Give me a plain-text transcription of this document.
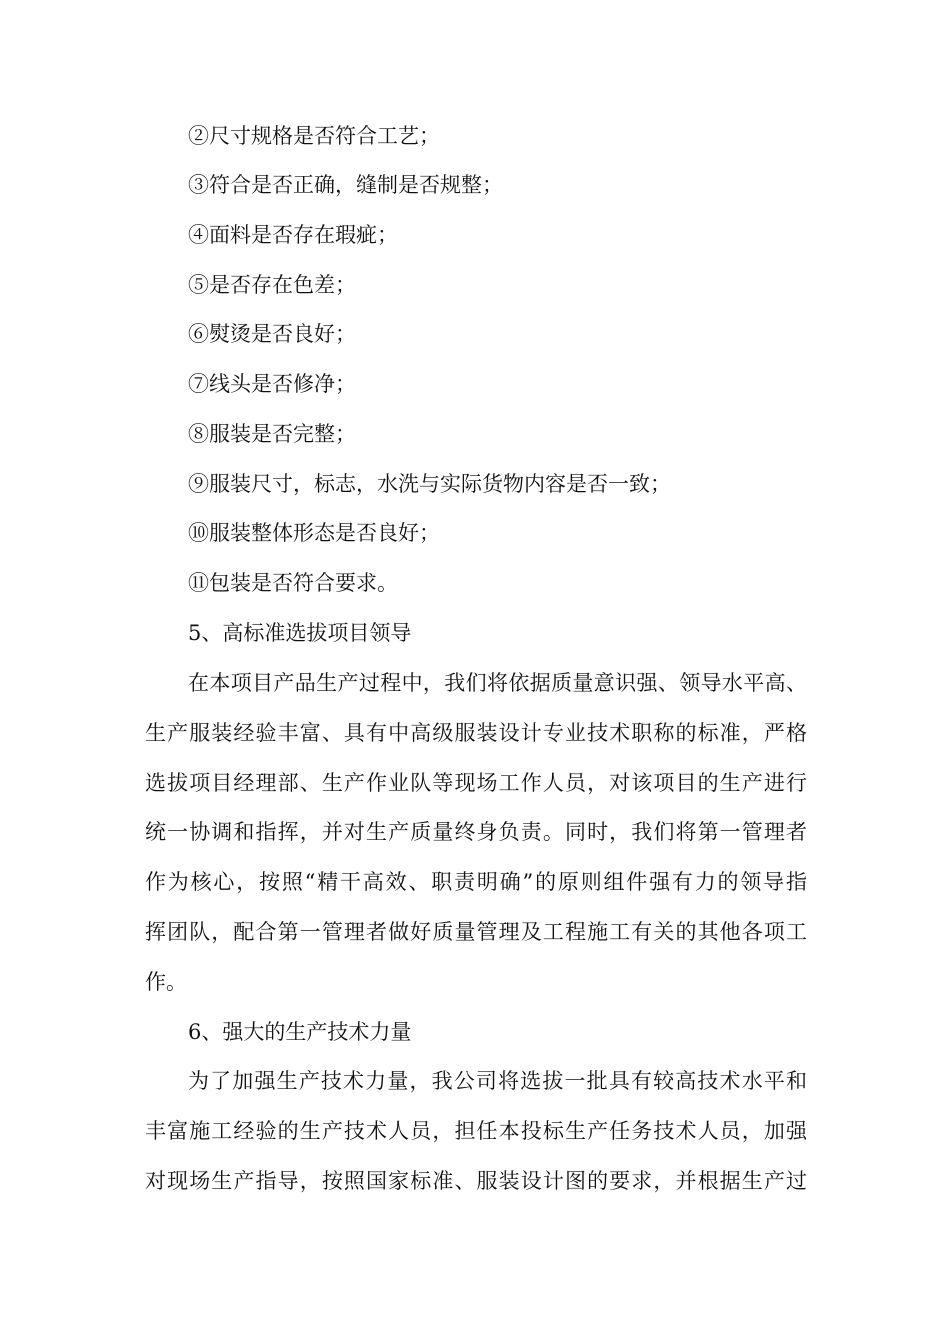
②尺寸规格是否符合工艺；
③符合是否正确，缝制是否规整；
④面料是否存在瑕疵；
⑤是否存在色差；
⑥熨烫是否良好；
⑦线头是否修净；
⑧服装是否完整；
⑨服装尺寸，标志，水洗与实际货物内容是否一致；
⑩服装整体形态是否良好；
⑪包装是否符合要求。
5、高标准选拔项目领导
在本项目产品生产过程中，我们将依据质量意识强、领导水平高、
生产服装经验丰富、具有中高级服装设计专业技术职称的标准，严格
选拔项目经理部、生产作业队等现场工作人员，对该项目的生产进行
统一协调和指挥，并对生产质量终身负责。同时，我们将第一管理者
作为核心，按照“精干高效、职责明确”的原则组件强有力的领导指
挥团队，配合第一管理者做好质量管理及工程施工有关的其他各项工
作。
6、强大的生产技术力量
为了加强生产技术力量，我公司将选拔一批具有较高技术水平和
丰富施工经验的生产技术人员，担任本投标生产任务技术人员，加强
对现场生产指导，按照国家标准、服装设计图的要求，并根据生产过
